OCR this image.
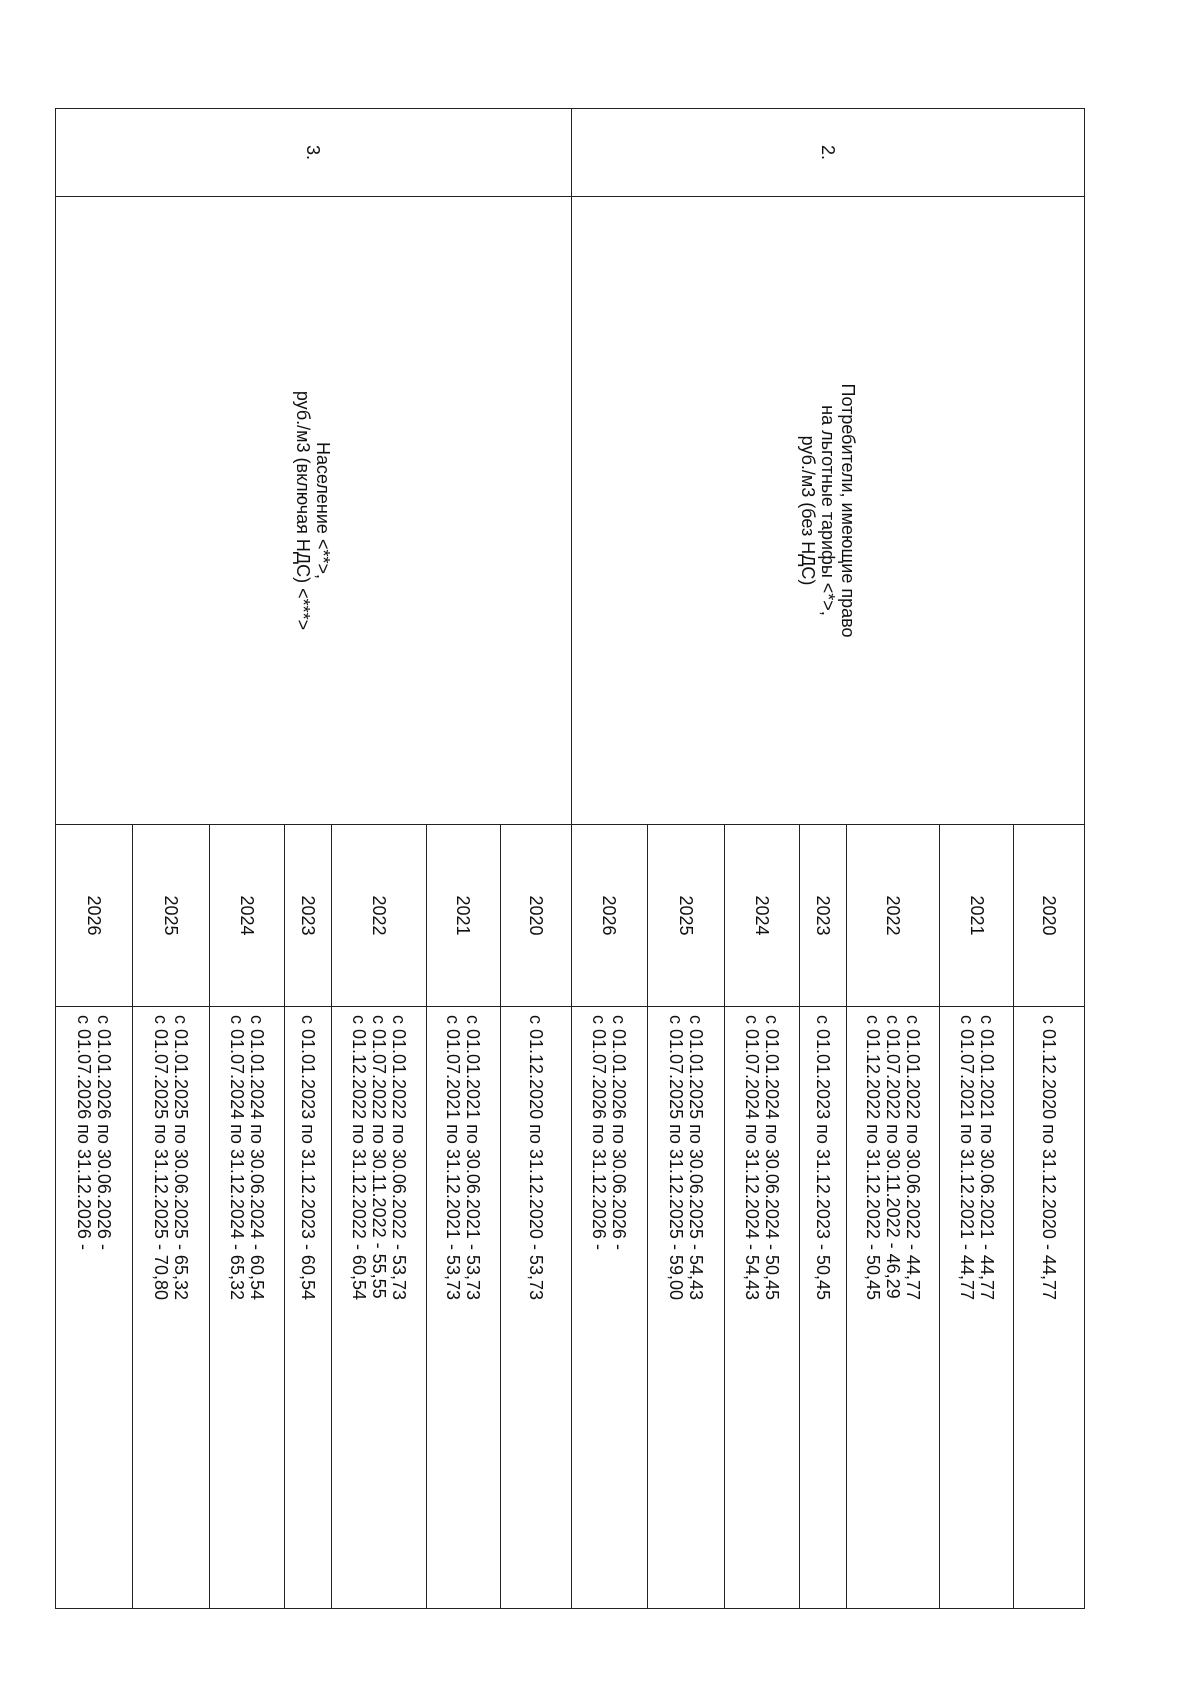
2.	Потребители, имеющие право
на льготные тарифы <*>,
руб./м3 (без НДС)	2020	с 01.12.2020 по 31.12.2020 - 44,77

		2021	с 01.01.2021 по 30.06.2021 - 44,77
с 01.07.2021 по 31.12.2021 - 44,77

		2022	с 01.01.2022 по 30.06.2022 - 44,77
с 01.07.2022 по 30.11.2022 - 46,29
с 01.12.2022 по 31.12.2022 - 50,45

		2023	с 01.01.2023 по 31.12.2023 - 50,45

		2024	с 01.01.2024 по 30.06.2024 - 50,45
с 01.07.2024 по 31.12.2024 - 54,43

		2025	с 01.01.2025 по 30.06.2025 - 54,43
с 01.07.2025 по 31.12.2025 - 59,00

		2026	с 01.01.2026 по 30.06.2026 -
с 01.07.2026 по 31.12.2026 -

3.	Население <**>,
руб./м3 (включая НДС) <***>	2020	с 01.12.2020 по 31.12.2020 - 53,73

		2021	с 01.01.2021 по 30.06.2021 - 53,73
с 01.07.2021 по 31.12.2021 - 53,73

		2022	с 01.01.2022 по 30.06.2022 - 53,73
с 01.07.2022 по 30.11.2022 - 55,55
с 01.12.2022 по 31.12.2022 - 60,54

		2023	с 01.01.2023 по 31.12.2023 - 60,54

		2024	с 01.01.2024 по 30.06.2024 - 60,54
с 01.07.2024 по 31.12.2024 - 65,32

		2025	с 01.01.2025 по 30.06.2025 - 65,32
с 01.07.2025 по 31.12.2025 - 70,80

		2026	с 01.01.2026 по 30.06.2026 -
с 01.07.2026 по 31.12.2026 -
